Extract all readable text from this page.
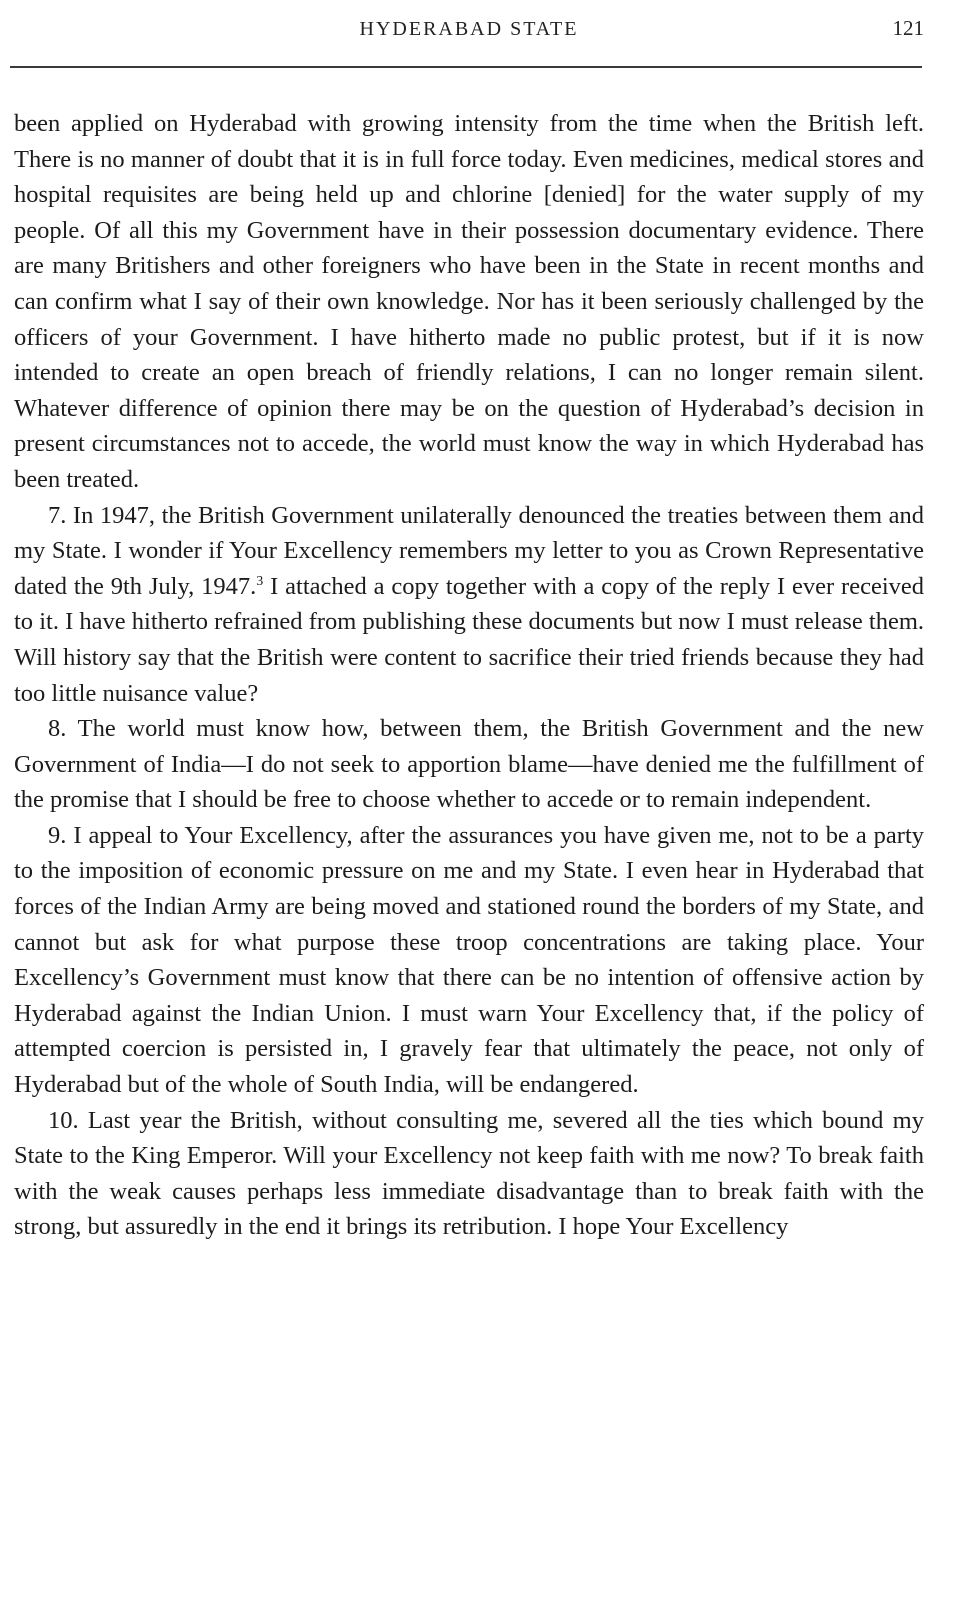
HYDERABAD STATE	121

been applied on Hyderabad with growing intensity from the time when the British left. There is no manner of doubt that it is in full force today. Even medicines, medical stores and hospital requisites are being held up and chlorine [denied] for the water supply of my people. Of all this my Government have in their possession documentary evidence. There are many Britishers and other foreigners who have been in the State in recent months and can confirm what I say of their own knowledge. Nor has it been seriously challenged by the officers of your Government. I have hitherto made no public protest, but if it is now intended to create an open breach of friendly relations, I can no longer remain silent. Whatever difference of opinion there may be on the question of Hyderabad’s decision in present circumstances not to accede, the world must know the way in which Hyderabad has been treated.

7. In 1947, the British Government unilaterally denounced the treaties between them and my State. I wonder if Your Excellency remembers my letter to you as Crown Representative dated the 9th July, 1947.$^3$ I attached a copy together with a copy of the reply I ever received to it. I have hitherto refrained from publishing these documents but now I must release them. Will history say that the British were content to sacrifice their tried friends because they had too little nuisance value?

8. The world must know how, between them, the British Government and the new Government of India—I do not seek to apportion blame—have denied me the fulfillment of the promise that I should be free to choose whether to accede or to remain independent.

9. I appeal to Your Excellency, after the assurances you have given me, not to be a party to the imposition of economic pressure on me and my State. I even hear in Hyderabad that forces of the Indian Army are being moved and stationed round the borders of my State, and cannot but ask for what purpose these troop concentrations are taking place. Your Excellency’s Government must know that there can be no intention of offensive action by Hyderabad against the Indian Union. I must warn Your Excellency that, if the policy of attempted coercion is persisted in, I gravely fear that ultimately the peace, not only of Hyderabad but of the whole of South India, will be endangered.

10. Last year the British, without consulting me, severed all the ties which bound my State to the King Emperor. Will your Excellency not keep faith with me now? To break faith with the weak causes perhaps less immediate disadvantage than to break faith with the strong, but assuredly in the end it brings its retribution. I hope Your Excellency
